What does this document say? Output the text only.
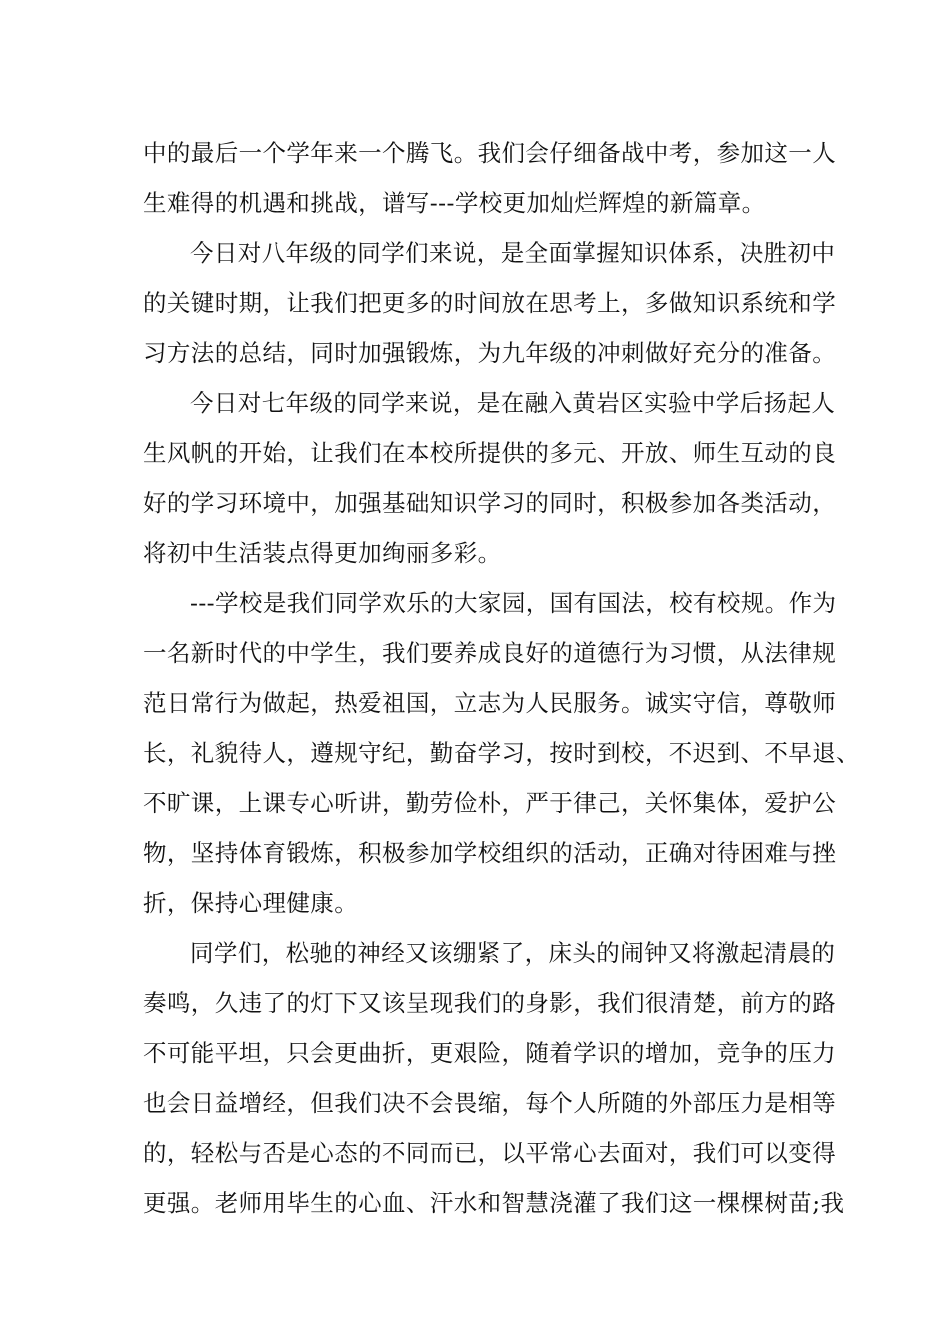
中的最后一个学年来一个腾飞。我们会仔细备战中考，参加这一人
生难得的机遇和挑战，谱写---学校更加灿烂辉煌的新篇章。
今日对八年级的同学们来说，是全面掌握知识体系，决胜初中
的关键时期，让我们把更多的时间放在思考上，多做知识系统和学
习方法的总结，同时加强锻炼，为九年级的冲刺做好充分的准备。
今日对七年级的同学来说，是在融入黄岩区实验中学后扬起人
生风帆的开始，让我们在本校所提供的多元、开放、师生互动的良
好的学习环境中，加强基础知识学习的同时，积极参加各类活动，
将初中生活装点得更加绚丽多彩。
---学校是我们同学欢乐的大家园，国有国法，校有校规。作为
一名新时代的中学生，我们要养成良好的道德行为习惯，从法律规
范日常行为做起，热爱祖国，立志为人民服务。诚实守信，尊敬师
长，礼貌待人，遵规守纪，勤奋学习，按时到校，不迟到、不早退、
不旷课，上课专心听讲，勤劳俭朴，严于律己，关怀集体，爱护公
物，坚持体育锻炼，积极参加学校组织的活动，正确对待困难与挫
折，保持心理健康。
同学们，松驰的神经又该绷紧了，床头的闹钟又将激起清晨的
奏鸣，久违了的灯下又该呈现我们的身影，我们很清楚，前方的路
不可能平坦，只会更曲折，更艰险，随着学识的增加，竞争的压力
也会日益增经，但我们决不会畏缩，每个人所随的外部压力是相等
的，轻松与否是心态的不同而已，以平常心去面对，我们可以变得
更强。老师用毕生的心血、汗水和智慧浇灌了我们这一棵棵树苗;我
